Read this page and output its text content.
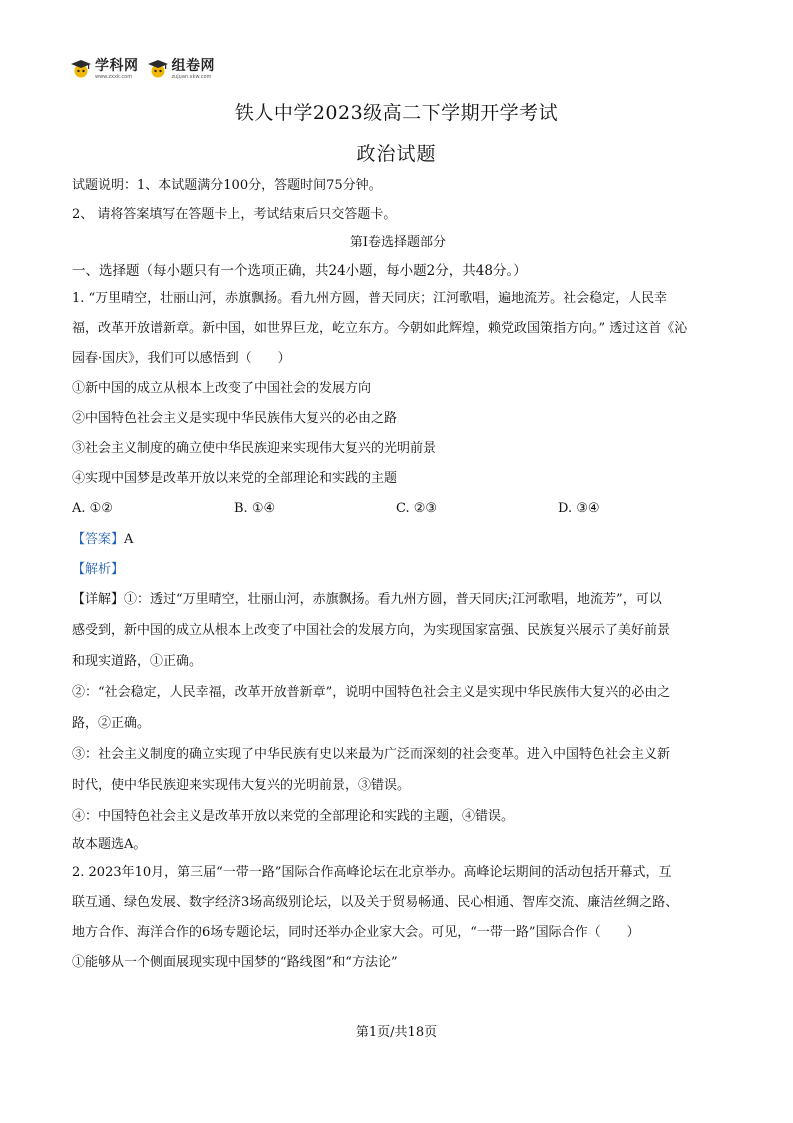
学科网
www.zxxk.com
组卷网
zujuan.xkw.com
铁人中学2023级高二下学期开学考试
政治试题
试题说明：1、本试题满分100分，答题时间75分钟。
2、 请将答案填写在答题卡上，考试结束后只交答题卡。
第Ⅰ卷选择题部分
一、选择题（每小题只有一个选项正确，共24小题，每小题2分，共48分。）
1. “万里晴空，壮丽山河，赤旗飘扬。看九州方圆，普天同庆；江河歌唱，遍地流芳。社会稳定，人民幸
福，改革开放谱新章。新中国，如世界巨龙，屹立东方。今朝如此辉煌，赖党政国策指方向。” 透过这首《沁
园春·国庆》，我们可以感悟到（　　）
①新中国的成立从根本上改变了中国社会的发展方向
②中国特色社会主义是实现中华民族伟大复兴的必由之路
③社会主义制度的确立使中华民族迎来实现伟大复兴的光明前景
④实现中国梦是改革开放以来党的全部理论和实践的主题
A. ①②	B. ①④	C. ②③	D. ③④
【答案】A
【解析】
【详解】①：透过“万里晴空，壮丽山河，赤旗飘扬。看九州方圆，普天同庆;江河歌唱，地流芳”，可以
感受到，新中国的成立从根本上改变了中国社会的发展方向，为实现国家富强、民族复兴展示了美好前景
和现实道路，①正确。
②：“社会稳定，人民幸福，改革开放普新章”，说明中国特色社会主义是实现中华民族伟大复兴的必由之
路，②正确。
③：社会主义制度的确立实现了中华民族有史以来最为广泛而深刻的社会变革。进入中国特色社会主义新
时代，使中华民族迎来实现伟大复兴的光明前景，③错误。
④：中国特色社会主义是改革开放以来党的全部理论和实践的主题，④错误。
故本题选A。
2. 2023年10月，第三届“一带一路”国际合作高峰论坛在北京举办。高峰论坛期间的活动包括开幕式，互
联互通、绿色发展、数字经济3场高级别论坛，以及关于贸易畅通、民心相通、智库交流、廉洁丝绸之路、
地方合作、海洋合作的6场专题论坛，同时还举办企业家大会。可见，“一带一路”国际合作（　　）
①能够从一个侧面展现实现中国梦的“路线图”和“方法论”
第1页/共18页
